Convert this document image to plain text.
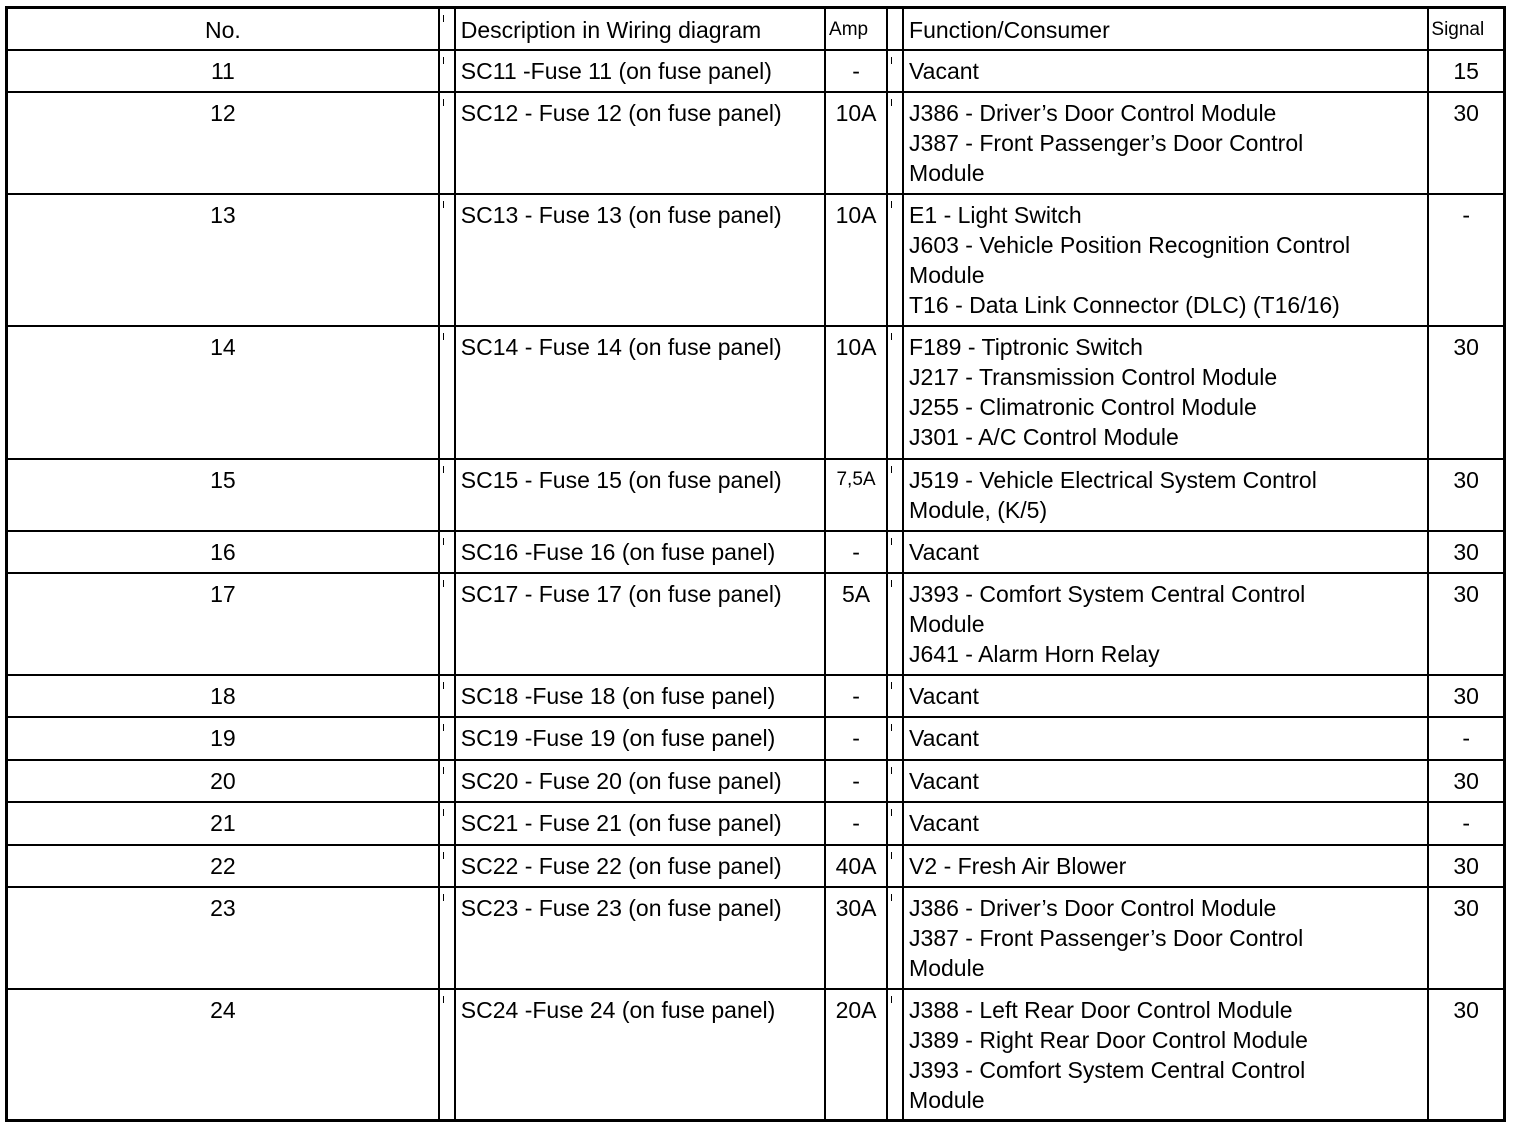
No.		Description in Wiring diagram	Amp		Function/Consumer	Signal

11		SC11 -Fuse 11 (on fuse panel)	-		Vacant	15

12		SC12 - Fuse 12 (on fuse panel)	10A		J386 - Driver’s Door Control Module
J387 - Front Passenger’s Door Control
Module	30

13		SC13 - Fuse 13 (on fuse panel)	10A		E1 - Light Switch
J603 - Vehicle Position Recognition Control
Module
T16 - Data Link Connector (DLC) (T16/16)	-

14		SC14 - Fuse 14 (on fuse panel)	10A		F189 - Tiptronic Switch
J217 - Transmission Control Module
J255 - Climatronic Control Module
J301 - A/C Control Module	30

15		SC15 - Fuse 15 (on fuse panel)	7,5A		J519 - Vehicle Electrical System Control
Module, (K/5)	30

16		SC16 -Fuse 16 (on fuse panel)	-		Vacant	30

17		SC17 - Fuse 17 (on fuse panel)	5A		J393 - Comfort System Central Control
Module
J641 - Alarm Horn Relay	30

18		SC18 -Fuse 18 (on fuse panel)	-		Vacant	30

19		SC19 -Fuse 19 (on fuse panel)	-		Vacant	-

20		SC20 - Fuse 20 (on fuse panel)	-		Vacant	30

21		SC21 - Fuse 21 (on fuse panel)	-		Vacant	-

22		SC22 - Fuse 22 (on fuse panel)	40A		V2 - Fresh Air Blower	30

23		SC23 - Fuse 23 (on fuse panel)	30A		J386 - Driver’s Door Control Module
J387 - Front Passenger’s Door Control
Module	30

24		SC24 -Fuse 24 (on fuse panel)	20A		J388 - Left Rear Door Control Module
J389 - Right Rear Door Control Module
J393 - Comfort System Central Control
Module	30
